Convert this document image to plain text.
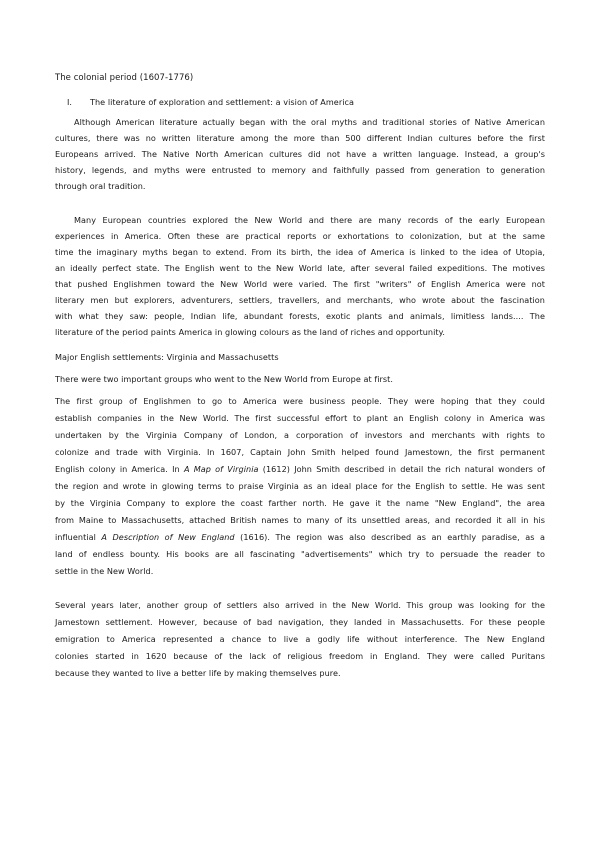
The colonial period (1607-1776)

I. The literature of exploration and settlement: a vision of America

Although American literature actually began with the oral myths and traditional stories of Native American

cultures, there was no written literature among the more than 500 different Indian cultures before the first

Europeans arrived. The Native North American cultures did not have a written language. Instead, a group's

history, legends, and myths were entrusted to memory and faithfully passed from generation to generation

through oral tradition.

Many European countries explored the New World and there are many records of the early European

experiences in America. Often these are practical reports or exhortations to colonization, but at the same

time the imaginary myths began to extend. From its birth, the idea of America is linked to the idea of Utopia,

an ideally perfect state. The English went to the New World late, after several failed expeditions. The motives

that pushed Englishmen toward the New World were varied. The first "writers" of English America were not

literary men but explorers, adventurers, settlers, travellers, and merchants, who wrote about the fascination

with what they saw: people, Indian life, abundant forests, exotic plants and animals, limitless lands.... The

literature of the period paints America in glowing colours as the land of riches and opportunity.

Major English settlements: Virginia and Massachusetts

There were two important groups who went to the New World from Europe at first.

The first group of Englishmen to go to America were business people. They were hoping that they could

establish companies in the New World. The first successful effort to plant an English colony in America was

undertaken by the Virginia Company of London, a corporation of investors and merchants with rights to

colonize and trade with Virginia. In 1607, Captain John Smith helped found Jamestown, the first permanent

English colony in America. In A Map of Virginia (1612) John Smith described in detail the rich natural wonders of

the region and wrote in glowing terms to praise Virginia as an ideal place for the English to settle. He was sent

by the Virginia Company to explore the coast farther north. He gave it the name "New England", the area

from Maine to Massachusetts, attached British names to many of its unsettled areas, and recorded it all in his

influential A Description of New England (1616). The region was also described as an earthly paradise, as a

land of endless bounty. His books are all fascinating "advertisements" which try to persuade the reader to

settle in the New World.

Several years later, another group of settlers also arrived in the New World. This group was looking for the

Jamestown settlement. However, because of bad navigation, they landed in Massachusetts. For these people

emigration to America represented a chance to live a godly life without interference. The New England

colonies started in 1620 because of the lack of religious freedom in England. They were called Puritans

because they wanted to live a better life by making themselves pure.
